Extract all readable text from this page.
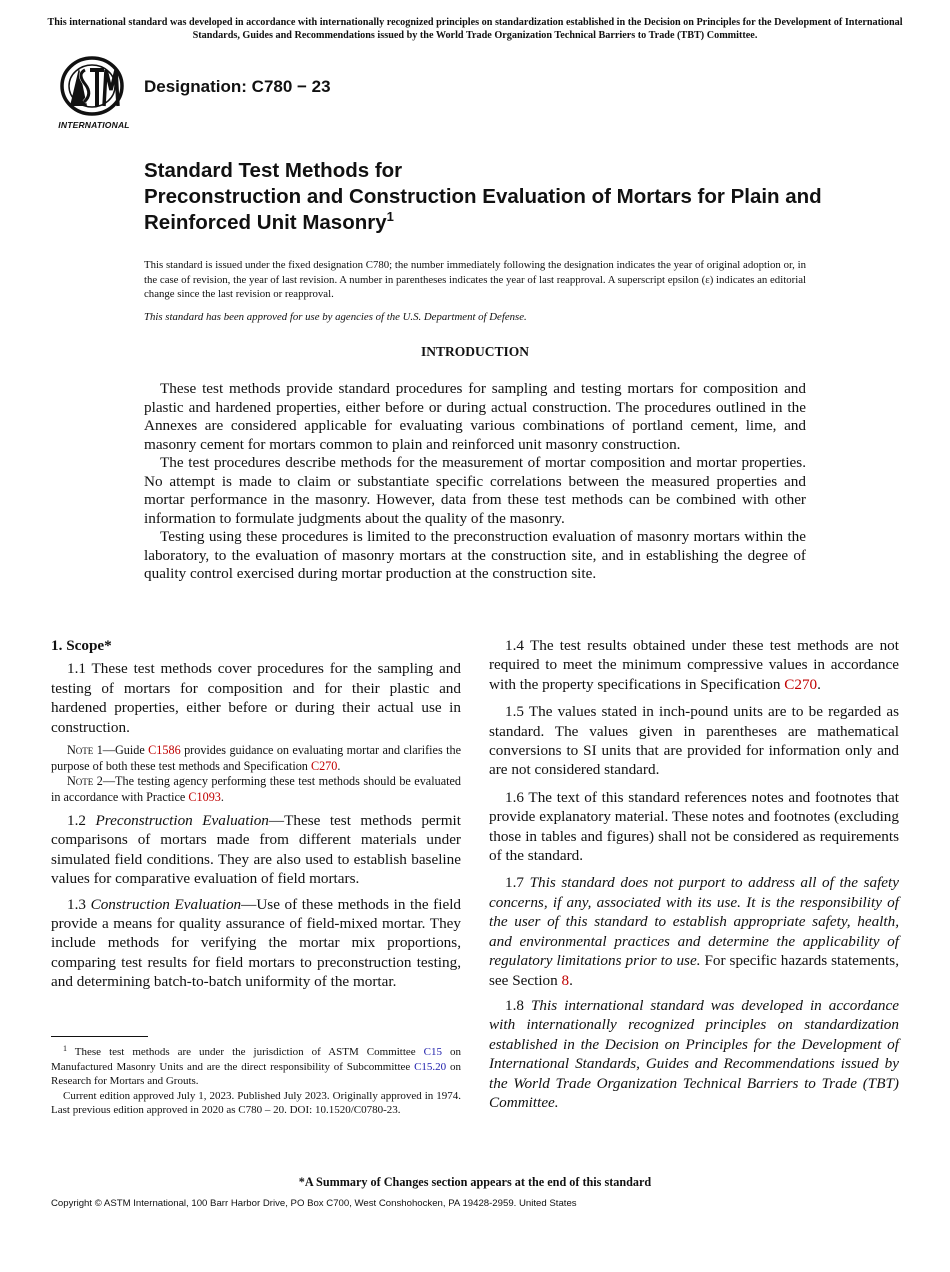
This international standard was developed in accordance with internationally recognized principles on standardization established in the Decision on Principles for the Development of International Standards, Guides and Recommendations issued by the World Trade Organization Technical Barriers to Trade (TBT) Committee.
INTERNATIONAL
Designation: C780 − 23
Standard Test Methods for
Preconstruction and Construction Evaluation of Mortars for Plain and Reinforced Unit Masonry$^1$
This standard is issued under the fixed designation C780; the number immediately following the designation indicates the year of original adoption or, in the case of revision, the year of last revision. A number in parentheses indicates the year of last reapproval. A superscript epsilon (ε) indicates an editorial change since the last revision or reapproval.
This standard has been approved for use by agencies of the U.S. Department of Defense.
INTRODUCTION

These test methods provide standard procedures for sampling and testing mortars for composition and plastic and hardened properties, either before or during actual construction. The procedures outlined in the Annexes are considered applicable for evaluating various combinations of portland cement, lime, and masonry cement for mortars common to plain and reinforced unit masonry construction.

The test procedures describe methods for the measurement of mortar composition and mortar properties. No attempt is made to claim or substantiate specific correlations between the measured properties and mortar performance in the masonry. However, data from these test methods can be combined with other information to formulate judgments about the quality of the masonry.

Testing using these procedures is limited to the preconstruction evaluation of masonry mortars within the laboratory, to the evaluation of masonry mortars at the construction site, and in establishing the degree of quality control exercised during mortar production at the construction site.

1. Scope*

1.1 These test methods cover procedures for the sampling and testing of mortars for composition and for their plastic and hardened properties, either before or during their actual use in construction.

Note 1—Guide C1586 provides guidance on evaluating mortar and clarifies the purpose of both these test methods and Specification C270.

Note 2—The testing agency performing these test methods should be evaluated in accordance with Practice C1093.

1.2 Preconstruction Evaluation—These test methods permit comparisons of mortars made from different materials under simulated field conditions. They are also used to establish baseline values for comparative evaluation of field mortars.

1.3 Construction Evaluation—Use of these methods in the field provide a means for quality assurance of field-mixed mortar. They include methods for verifying the mortar mix proportions, comparing test results for field mortars to preconstruction testing, and determining batch-to-batch uniformity of the mortar.

$^1$ These test methods are under the jurisdiction of ASTM Committee C15 on Manufactured Masonry Units and are the direct responsibility of Subcommittee C15.20 on Research for Mortars and Grouts.

Current edition approved July 1, 2023. Published July 2023. Originally approved in 1974. Last previous edition approved in 2020 as C780 – 20. DOI: 10.1520/C0780-23.

1.4 The test results obtained under these test methods are not required to meet the minimum compressive values in accordance with the property specifications in Specification C270.

1.5 The values stated in inch-pound units are to be regarded as standard. The values given in parentheses are mathematical conversions to SI units that are provided for information only and are not considered standard.

1.6 The text of this standard references notes and footnotes that provide explanatory material. These notes and footnotes (excluding those in tables and figures) shall not be considered as requirements of the standard.

1.7 This standard does not purport to address all of the safety concerns, if any, associated with its use. It is the responsibility of the user of this standard to establish appropriate safety, health, and environmental practices and determine the applicability of regulatory limitations prior to use. For specific hazards statements, see Section 8.

1.8 This international standard was developed in accordance with internationally recognized principles on standardization established in the Decision on Principles for the Development of International Standards, Guides and Recommendations issued by the World Trade Organization Technical Barriers to Trade (TBT) Committee.

*A Summary of Changes section appears at the end of this standard
Copyright © ASTM International, 100 Barr Harbor Drive, PO Box C700, West Conshohocken, PA 19428-2959. United States
